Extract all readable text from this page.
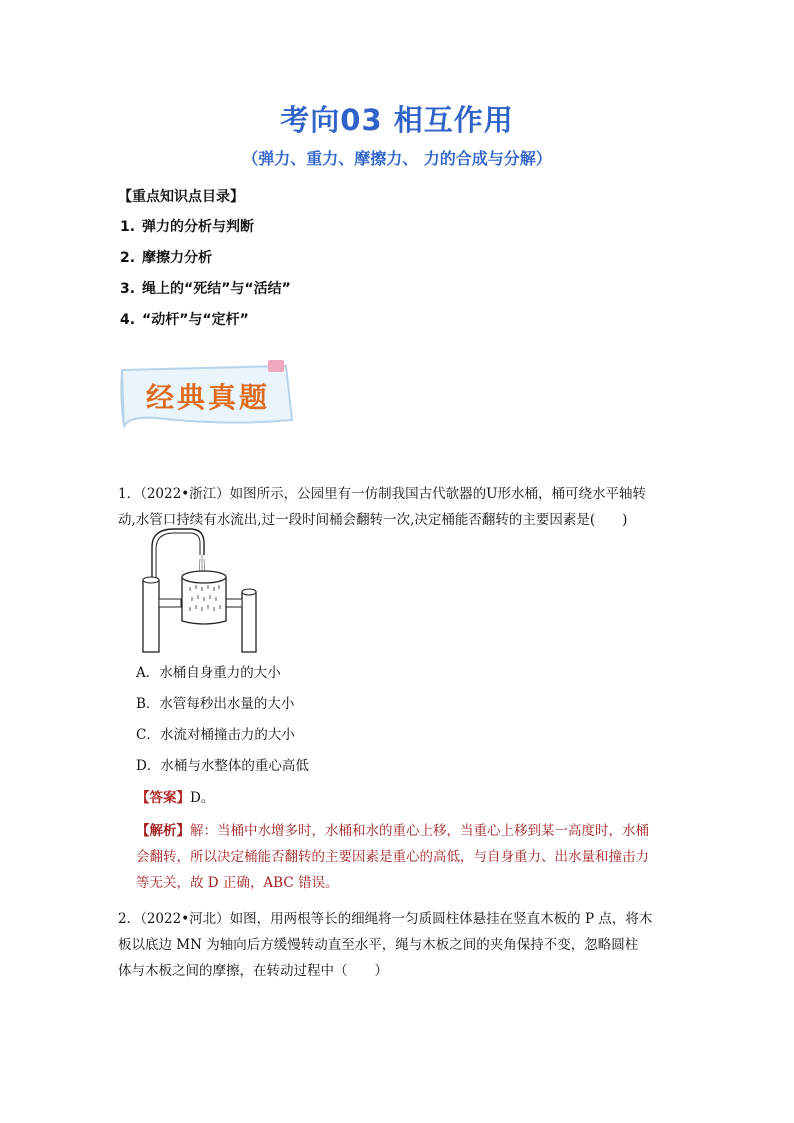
考向03 相互作用
（弹力、重力、摩擦力、 力的合成与分解）
【重点知识点目录】
1. 弹力的分析与判断
2. 摩擦力分析
3. 绳上的“死结”与“活结”
4. “动杆”与“定杆”
经典真题
1．（2022•浙江）如图所示，公园里有一仿制我国古代欹器的U形水桶，桶可绕水平轴转
动,水管口持续有水流出,过一段时间桶会翻转一次,决定桶能否翻转的主要因素是(　　)
A．水桶自身重力的大小
B．水管每秒出水量的大小
C．水流对桶撞击力的大小
D．水桶与水整体的重心高低
【答案】D。
【解析】解：当桶中水增多时，水桶和水的重心上移，当重心上移到某一高度时，水桶
会翻转，所以决定桶能否翻转的主要因素是重心的高低，与自身重力、出水量和撞击力
等无关，故 D 正确，ABC 错误。
2．（2022•河北）如图，用两根等长的细绳将一匀质圆柱体悬挂在竖直木板的 P 点，将木
板以底边 MN 为轴向后方缓慢转动直至水平，绳与木板之间的夹角保持不变，忽略圆柱
体与木板之间的摩擦，在转动过程中（　　）
